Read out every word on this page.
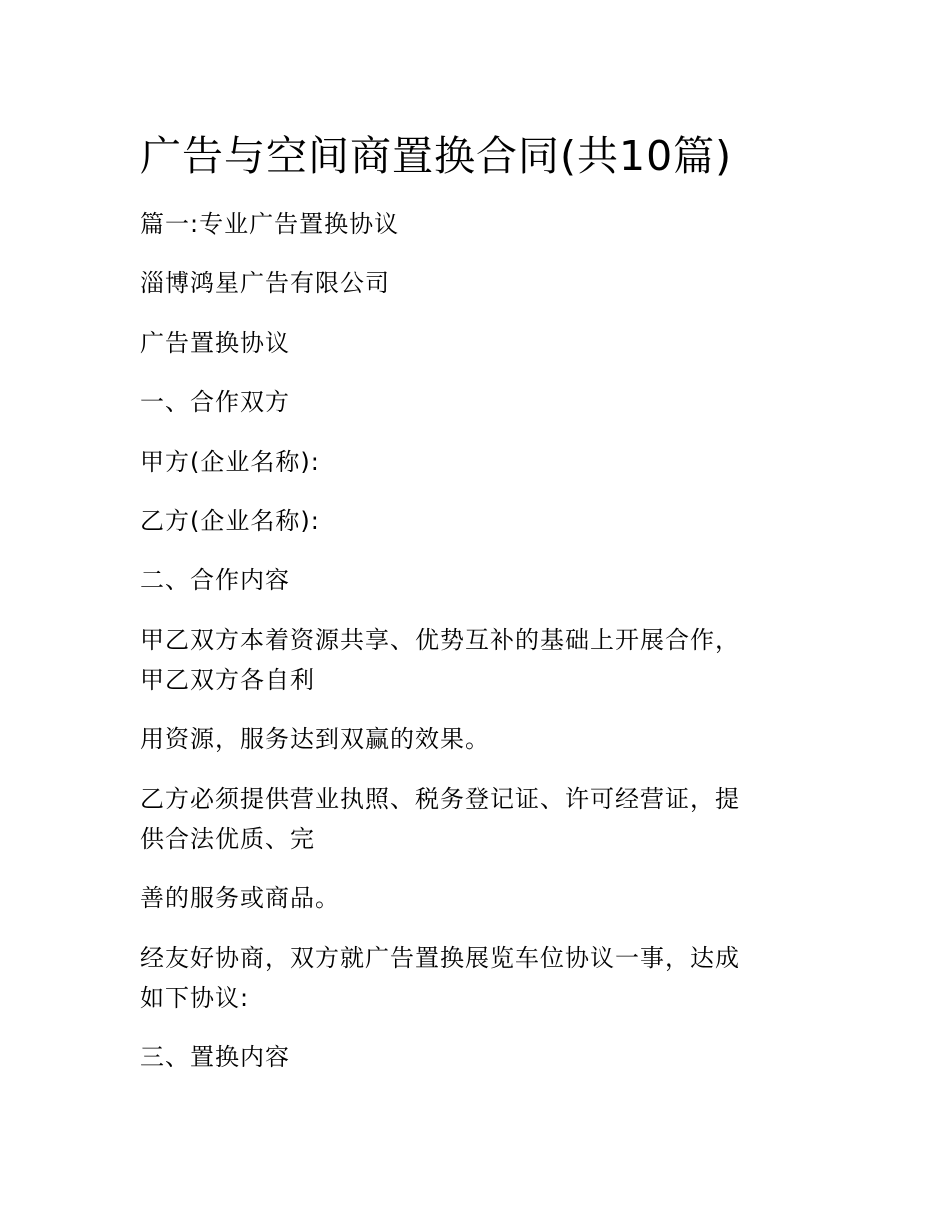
广告与空间商置换合同(共10篇)

篇一:专业广告置换协议

淄博鸿星广告有限公司

广告置换协议

一、合作双方

甲方(企业名称):

乙方(企业名称):

二、合作内容

甲乙双方本着资源共享、优势互补的基础上开展合作，
甲乙双方各自利

用资源，服务达到双赢的效果。

乙方必须提供营业执照、税务登记证、许可经营证，提
供合法优质、完

善的服务或商品。

经友好协商，双方就广告置换展览车位协议一事，达成
如下协议:

三、置换内容
